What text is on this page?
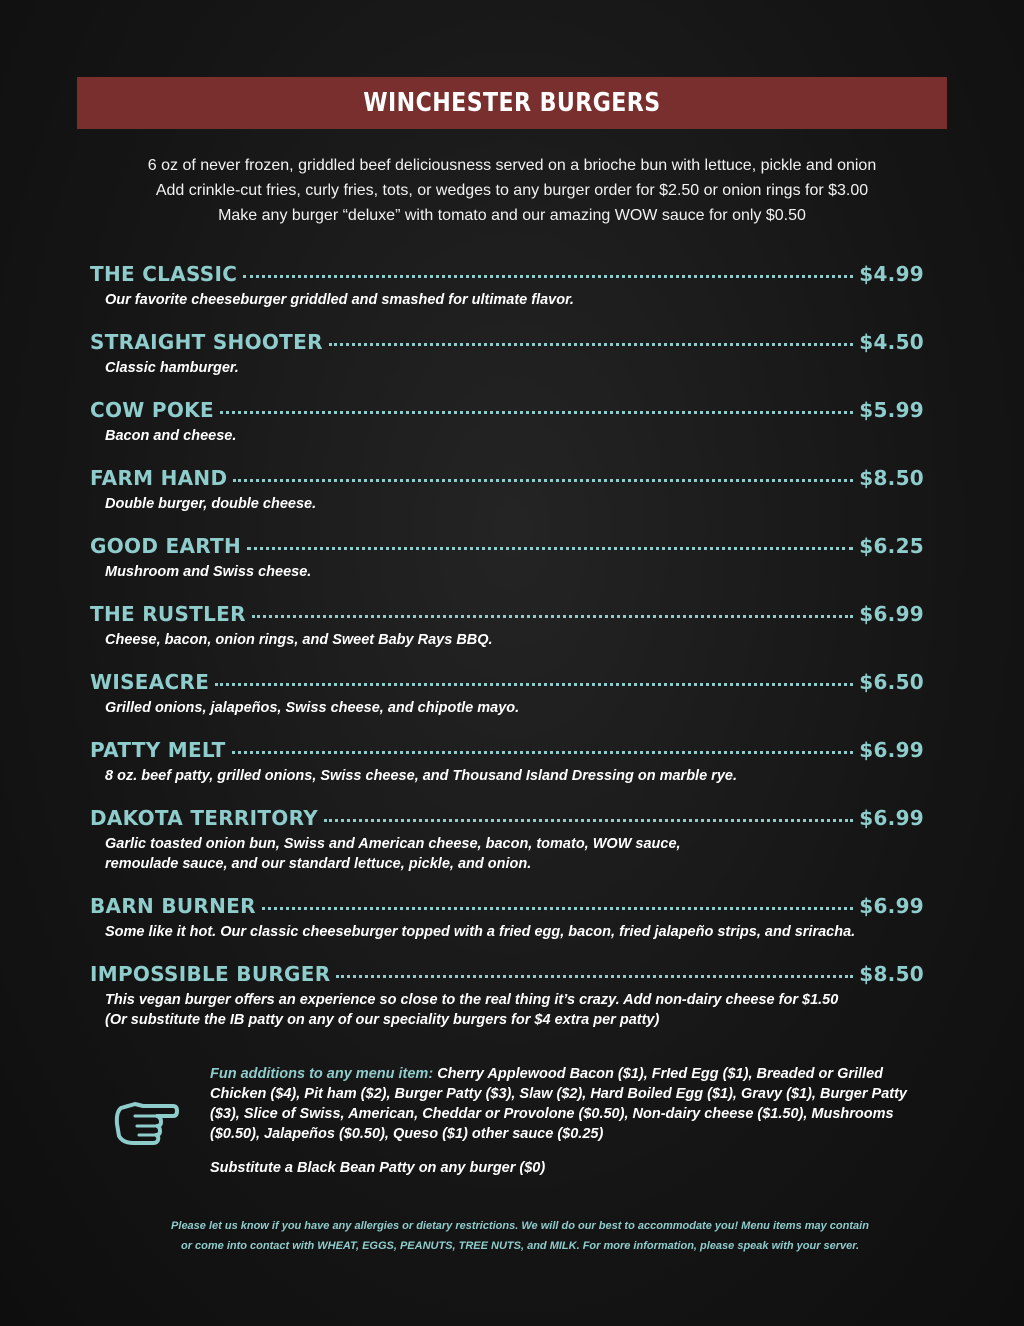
WINCHESTER BURGERS
6 oz of never frozen, griddled beef deliciousness served on a brioche bun with lettuce, pickle and onion
Add crinkle-cut fries, curly fries, tots, or wedges to any burger order for $2.50 or onion rings for $3.00
Make any burger “deluxe” with tomato and our amazing WOW sauce for only $0.50
THE CLASSIC	$4.99
Our favorite cheeseburger griddled and smashed for ultimate flavor.
STRAIGHT SHOOTER	$4.50
Classic hamburger.
COW POKE	$5.99
Bacon and cheese.
FARM HAND	$8.50
Double burger, double cheese.
GOOD EARTH	$6.25
Mushroom and Swiss cheese.
THE RUSTLER	$6.99
Cheese, bacon, onion rings, and Sweet Baby Rays BBQ.
WISEACRE	$6.50
Grilled onions, jalapeños, Swiss cheese, and chipotle mayo.
PATTY MELT	$6.99
8 oz. beef patty, grilled onions, Swiss cheese, and Thousand Island Dressing on marble rye.
DAKOTA TERRITORY	$6.99
Garlic toasted onion bun, Swiss and American cheese, bacon, tomato, WOW sauce,
remoulade sauce, and our standard lettuce, pickle, and onion.
BARN BURNER	$6.99
Some like it hot. Our classic cheeseburger topped with a fried egg, bacon, fried jalapeño strips, and sriracha.
IMPOSSIBLE BURGER	$8.50
This vegan burger offers an experience so close to the real thing it’s crazy. Add non-dairy cheese for $1.50
(Or substitute the IB patty on any of our speciality burgers for $4 extra per patty)
Fun additions to any menu item: Cherry Applewood Bacon ($1), FrIed Egg ($1), Breaded or Grilled Chicken ($4), Pit ham ($2), Burger Patty ($3), Slaw ($2), Hard Boiled Egg ($1), Gravy ($1), Burger Patty ($3), Slice of Swiss, American, Cheddar or Provolone ($0.50), Non-dairy cheese ($1.50), Mushrooms ($0.50), Jalapeños ($0.50), Queso ($1) other sauce ($0.25)
Substitute a Black Bean Patty on any burger ($0)
Please let us know if you have any allergies or dietary restrictions. We will do our best to accommodate you! Menu items may contain
or come into contact with WHEAT, EGGS, PEANUTS, TREE NUTS, and MILK. For more information, please speak with your server.
